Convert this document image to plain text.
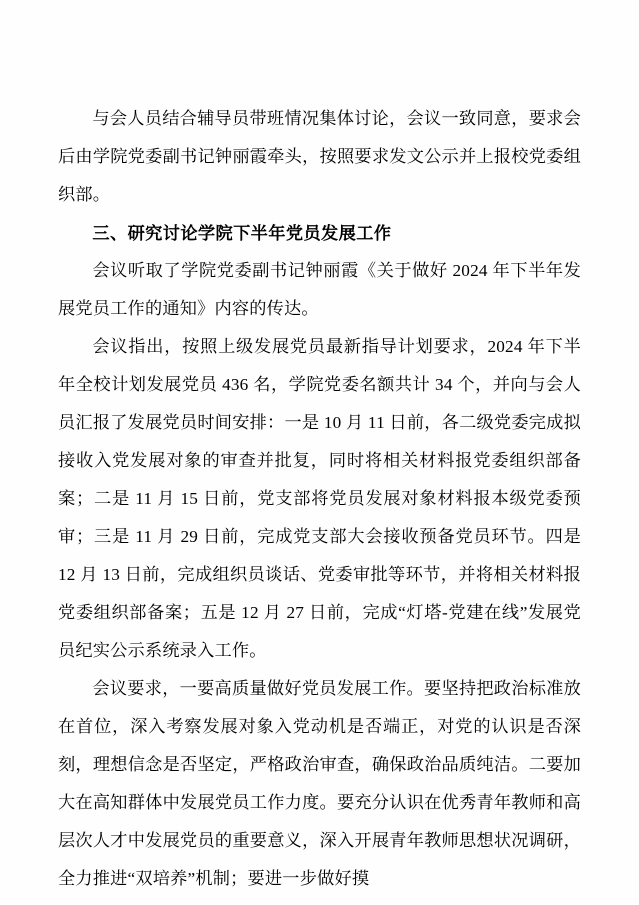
与会人员结合辅导员带班情况集体讨论，会议一致同意，要求会后由学院党委副书记钟丽霞牵头，按照要求发文公示并上报校党委组织部。

三、研究讨论学院下半年党员发展工作

会议听取了学院党委副书记钟丽霞《关于做好 2024 年下半年发展党员工作的通知》内容的传达。

会议指出，按照上级发展党员最新指导计划要求，2024 年下半年全校计划发展党员 436 名，学院党委名额共计 34 个，并向与会人员汇报了发展党员时间安排：一是 10 月 11 日前，各二级党委完成拟接收入党发展对象的审查并批复，同时将相关材料报党委组织部备案；二是 11 月 15 日前，党支部将党员发展对象材料报本级党委预审；三是 11 月 29 日前，完成党支部大会接收预备党员环节。四是 12 月 13 日前，完成组织员谈话、党委审批等环节，并将相关材料报党委组织部备案；五是 12 月 27 日前，完成“灯塔-党建在线”发展党员纪实公示系统录入工作。

会议要求，一要高质量做好党员发展工作。要坚持把政治标准放在首位，深入考察发展对象入党动机是否端正，对党的认识是否深刻，理想信念是否坚定，严格政治审查，确保政治品质纯洁。二要加大在高知群体中发展党员工作力度。要充分认识在优秀青年教师和高层次人才中发展党员的重要意义，深入开展青年教师思想状况调研，全力推进“双培养”机制；要进一步做好摸
